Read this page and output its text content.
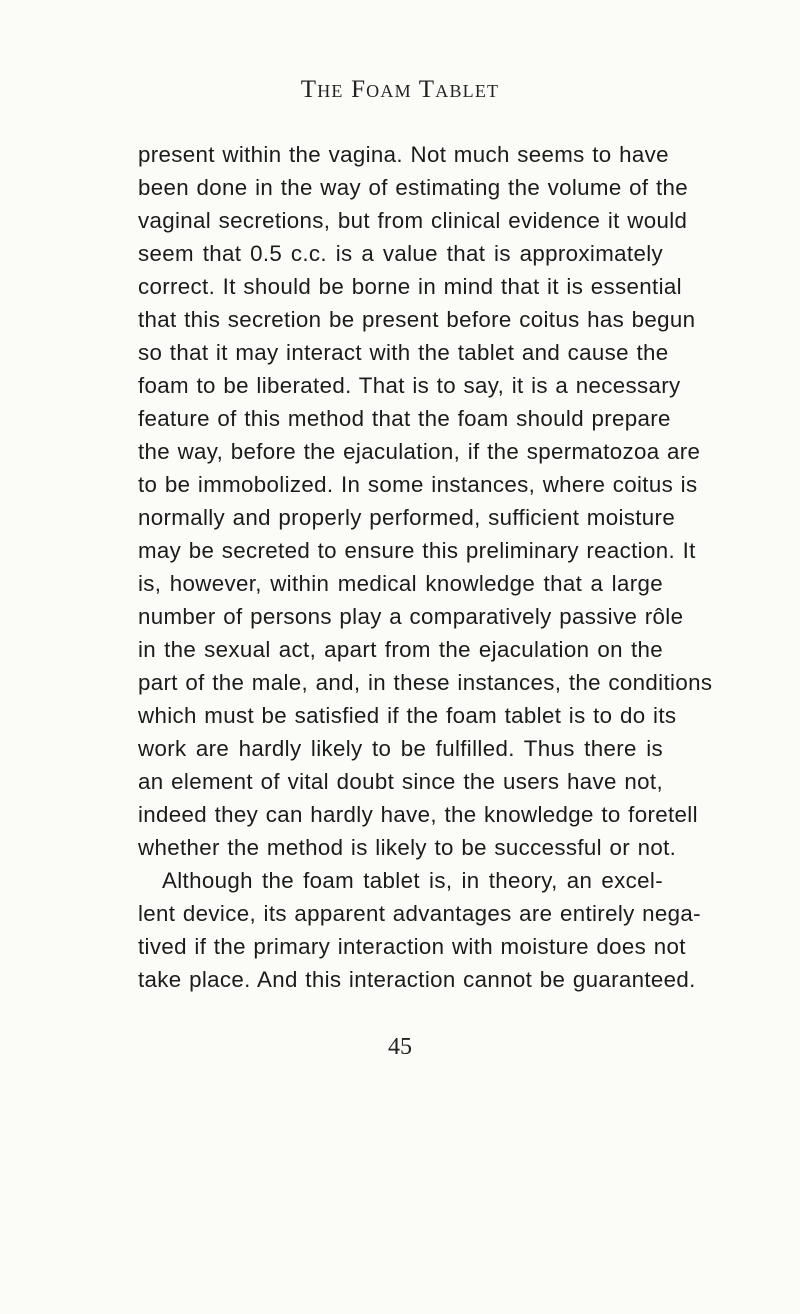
The Foam Tablet
present within the vagina. Not much seems to have
been done in the way of estimating the volume of the
vaginal secretions, but from clinical evidence it would
seem that 0.5 c.c. is a value that is approximately
correct. It should be borne in mind that it is essential
that this secretion be present before coitus has begun
so that it may interact with the tablet and cause the
foam to be liberated. That is to say, it is a necessary
feature of this method that the foam should prepare
the way, before the ejaculation, if the spermatozoa are
to be immobolized. In some instances, where coitus is
normally and properly performed, sufficient moisture
may be secreted to ensure this preliminary reaction. It
is, however, within medical knowledge that a large
number of persons play a comparatively passive rôle
in the sexual act, apart from the ejaculation on the
part of the male, and, in these instances, the conditions
which must be satisfied if the foam tablet is to do its
work are hardly likely to be fulfilled. Thus there is
an element of vital doubt since the users have not,
indeed they can hardly have, the knowledge to foretell
whether the method is likely to be successful or not.
Although the foam tablet is, in theory, an excel-
lent device, its apparent advantages are entirely nega-
tived if the primary interaction with moisture does not
take place. And this interaction cannot be guaranteed.
45
